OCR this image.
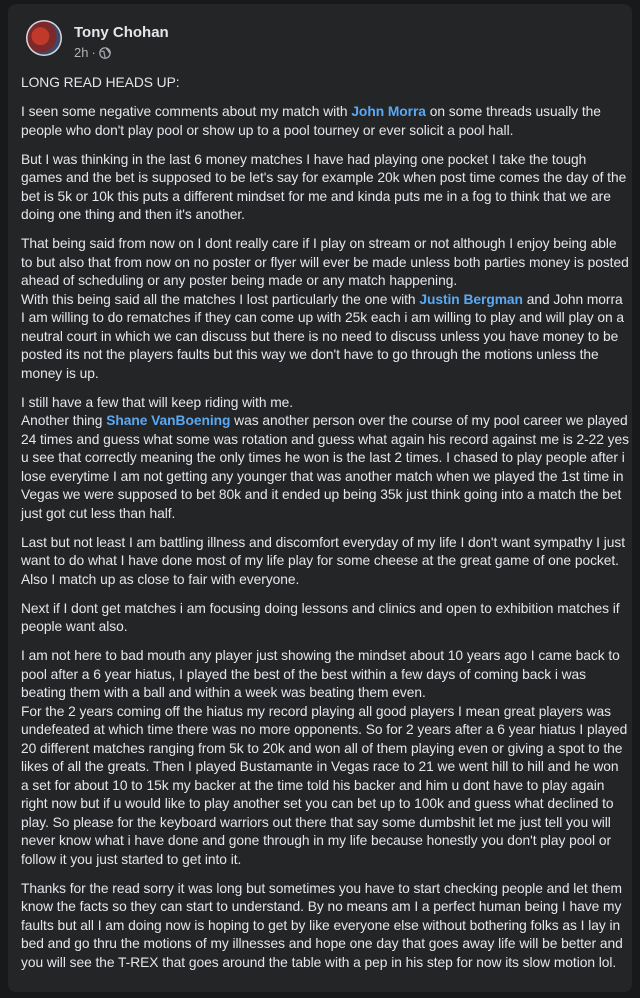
Tony Chohan
2h ·

LONG READ HEADS UP:

I seen some negative comments about my match with John Morra on some threads usually the people who don't play pool or show up to a pool tourney or ever solicit a pool hall.

But I was thinking in the last 6 money matches I have had playing one pocket I take the tough games and the bet is supposed to be let's say for example 20k when post time comes the day of the bet is 5k or 10k this puts a different mindset for me and kinda puts me in a fog to think that we are doing one thing and then it's another.

That being said from now on I dont really care if I play on stream or not although I enjoy being able to but also that from now on no poster or flyer will ever be made unless both parties money is posted ahead of scheduling or any poster being made or any match happening.
With this being said all the matches I lost particularly the one with Justin Bergman and John morra I am willing to do rematches if they can come up with 25k each i am willing to play and will play on a neutral court in which we can discuss but there is no need to discuss unless you have money to be posted its not the players faults but this way we don't have to go through the motions unless the money is up.

I still have a few that will keep riding with me.
Another thing Shane VanBoening was another person over the course of my pool career we played 24 times and guess what some was rotation and guess what again his record against me is 2-22 yes u see that correctly meaning the only times he won is the last 2 times. I chased to play people after i lose everytime I am not getting any younger that was another match when we played the 1st time in Vegas we were supposed to bet 80k and it ended up being 35k just think going into a match the bet just got cut less than half.

Last but not least I am battling illness and discomfort everyday of my life I don't want sympathy I just want to do what I have done most of my life play for some cheese at the great game of one pocket. Also I match up as close to fair with everyone.

Next if I dont get matches i am focusing doing lessons and clinics and open to exhibition matches if people want also.

I am not here to bad mouth any player just showing the mindset about 10 years ago I came back to pool after a 6 year hiatus, I played the best of the best within a few days of coming back i was beating them with a ball and within a week was beating them even.
For the 2 years coming off the hiatus my record playing all good players I mean great players was undefeated at which time there was no more opponents. So for 2 years after a 6 year hiatus I played 20 different matches ranging from 5k to 20k and won all of them playing even or giving a spot to the likes of all the greats. Then I played Bustamante in Vegas race to 21 we went hill to hill and he won a set for about 10 to 15k my backer at the time told his backer and him u dont have to play again right now but if u would like to play another set you can bet up to 100k and guess what declined to play. So please for the keyboard warriors out there that say some dumbshit let me just tell you will never know what i have done and gone through in my life because honestly you don't play pool or follow it you just started to get into it.

Thanks for the read sorry it was long but sometimes you have to start checking people and let them know the facts so they can start to understand. By no means am I a perfect human being I have my faults but all I am doing now is hoping to get by like everyone else without bothering folks as I lay in bed and go thru the motions of my illnesses and hope one day that goes away life will be better and you will see the T-REX that goes around the table with a pep in his step for now its slow motion lol.
